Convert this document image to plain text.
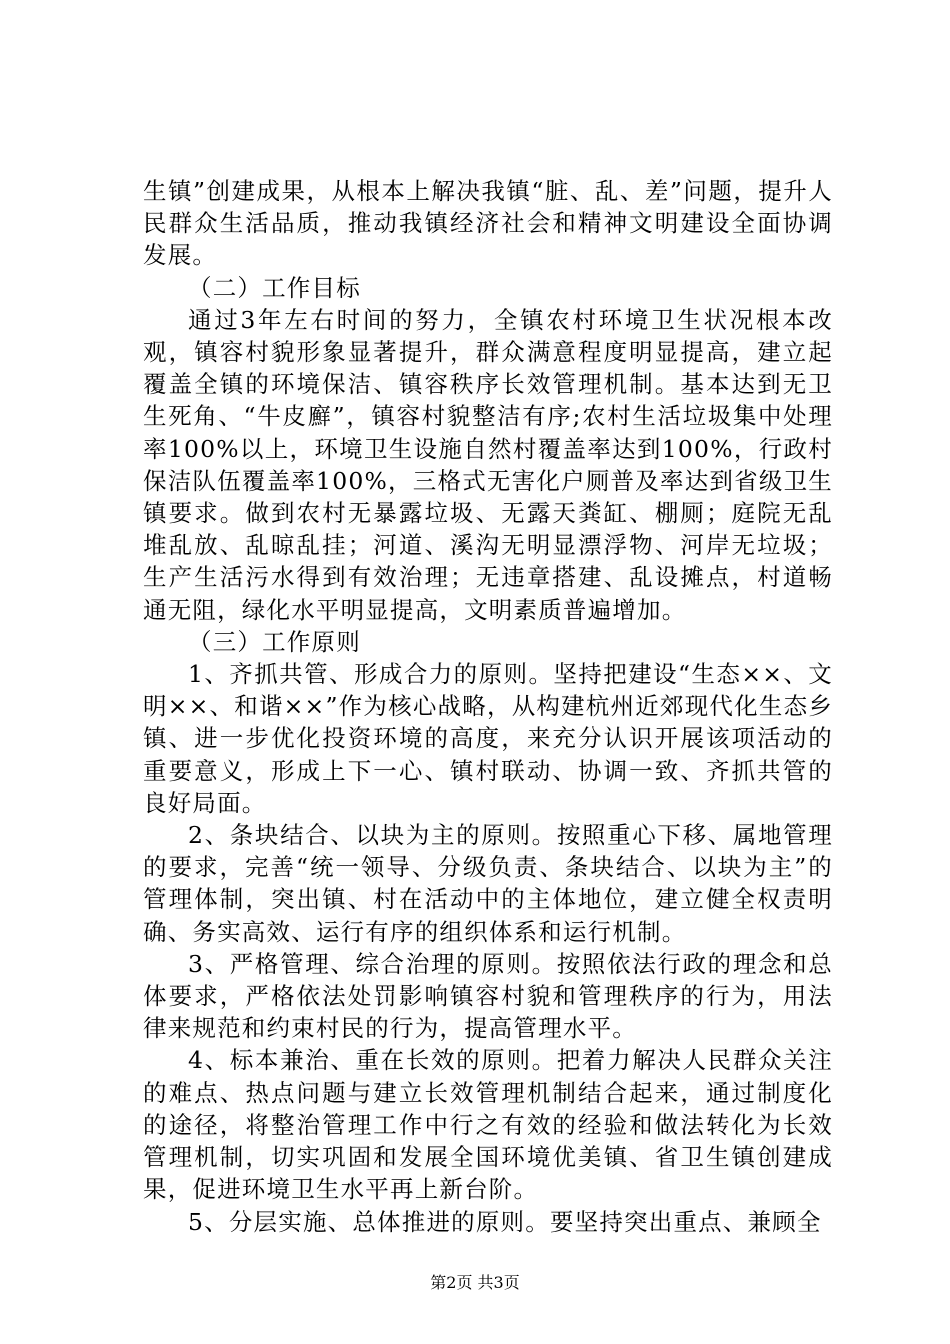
生镇”创建成果，从根本上解决我镇“脏、乱、差”问题，提升人民群众生活品质，推动我镇经济社会和精神文明建设全面协调发展。

（二）工作目标

通过3年左右时间的努力，全镇农村环境卫生状况根本改观，镇容村貌形象显著提升，群众满意程度明显提高，建立起覆盖全镇的环境保洁、镇容秩序长效管理机制。基本达到无卫生死角、“牛皮廯”，镇容村貌整洁有序;农村生活垃圾集中处理率100%以上，环境卫生设施自然村覆盖率达到100%，行政村保洁队伍覆盖率100%，三格式无害化户厕普及率达到省级卫生镇要求。做到农村无暴露垃圾、无露天粪缸、棚厕；庭院无乱堆乱放、乱晾乱挂；河道、溪沟无明显漂浮物、河岸无垃圾；生产生活污水得到有效治理；无违章搭建、乱设摊点，村道畅通无阻，绿化水平明显提高，文明素质普遍增加。

（三）工作原则

1、齐抓共管、形成合力的原则。坚持把建设“生态××、文明××、和谐××”作为核心战略，从构建杭州近郊现代化生态乡镇、进一步优化投资环境的高度，来充分认识开展该项活动的重要意义，形成上下一心、镇村联动、协调一致、齐抓共管的良好局面。

2、条块结合、以块为主的原则。按照重心下移、属地管理的要求，完善“统一领导、分级负责、条块结合、以块为主”的管理体制，突出镇、村在活动中的主体地位，建立健全权责明确、务实高效、运行有序的组织体系和运行机制。

3、严格管理、综合治理的原则。按照依法行政的理念和总体要求，严格依法处罚影响镇容村貌和管理秩序的行为，用法律来规范和约束村民的行为，提高管理水平。

4、标本兼治、重在长效的原则。把着力解决人民群众关注的难点、热点问题与建立长效管理机制结合起来，通过制度化的途径，将整治管理工作中行之有效的经验和做法转化为长效管理机制，切实巩固和发展全国环境优美镇、省卫生镇创建成果，促进环境卫生水平再上新台阶。

5、分层实施、总体推进的原则。要坚持突出重点、兼顾全

第2页 共3页
